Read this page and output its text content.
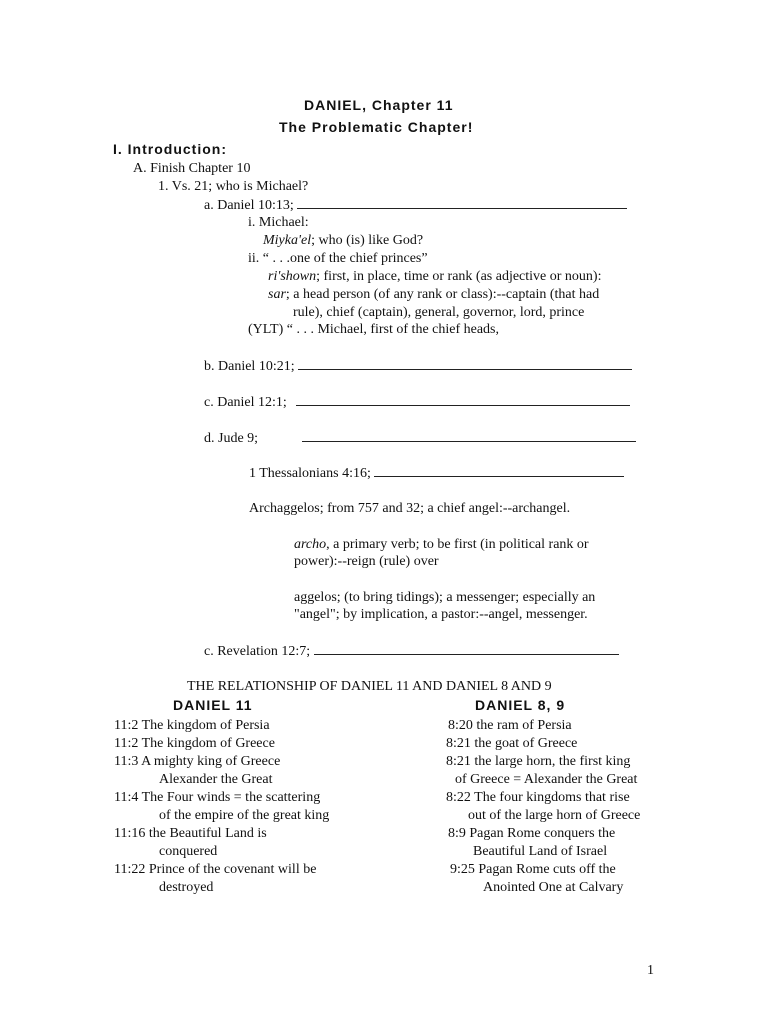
DANIEL, Chapter 11
The Problematic Chapter!
I. Introduction:
A. Finish Chapter 10
1. Vs. 21; who is Michael?
a. Daniel 10:13;
i. Michael:
Miyka'el; who (is) like God?
ii. “ . . .one of the chief princes”
ri'shown; first, in place, time or rank (as adjective or noun):
sar; a head person (of any rank or class):--captain (that had
rule), chief (captain), general, governor, lord, prince
(YLT) “ . . . Michael, first of the chief heads,
b. Daniel 10:21;
c. Daniel 12:1;
d. Jude 9;
1 Thessalonians 4:16;
Archaggelos; from 757 and 32; a chief angel:--archangel.
archo, a primary verb; to be first (in political rank or
power):--reign (rule) over
aggelos; (to bring tidings); a messenger; especially an
"angel"; by implication, a pastor:--angel, messenger.
c. Revelation 12:7;
THE RELATIONSHIP OF DANIEL 11 AND DANIEL 8 AND 9
DANIEL 11	DANIEL 8, 9
11:2 The kingdom of Persia
11:2 The kingdom of Greece
11:3 A mighty king of Greece
Alexander the Great
11:4 The Four winds = the scattering
of the empire of the great king
11:16 the Beautiful Land is
conquered
11:22 Prince of the covenant will be
destroyed
8:20 the ram of Persia
8:21 the goat of Greece
8:21 the large horn, the first king
of Greece = Alexander the Great
8:22 The four kingdoms that rise
out of the large horn of Greece
8:9 Pagan Rome conquers the
Beautiful Land of Israel
9:25 Pagan Rome cuts off the
Anointed One at Calvary
1
